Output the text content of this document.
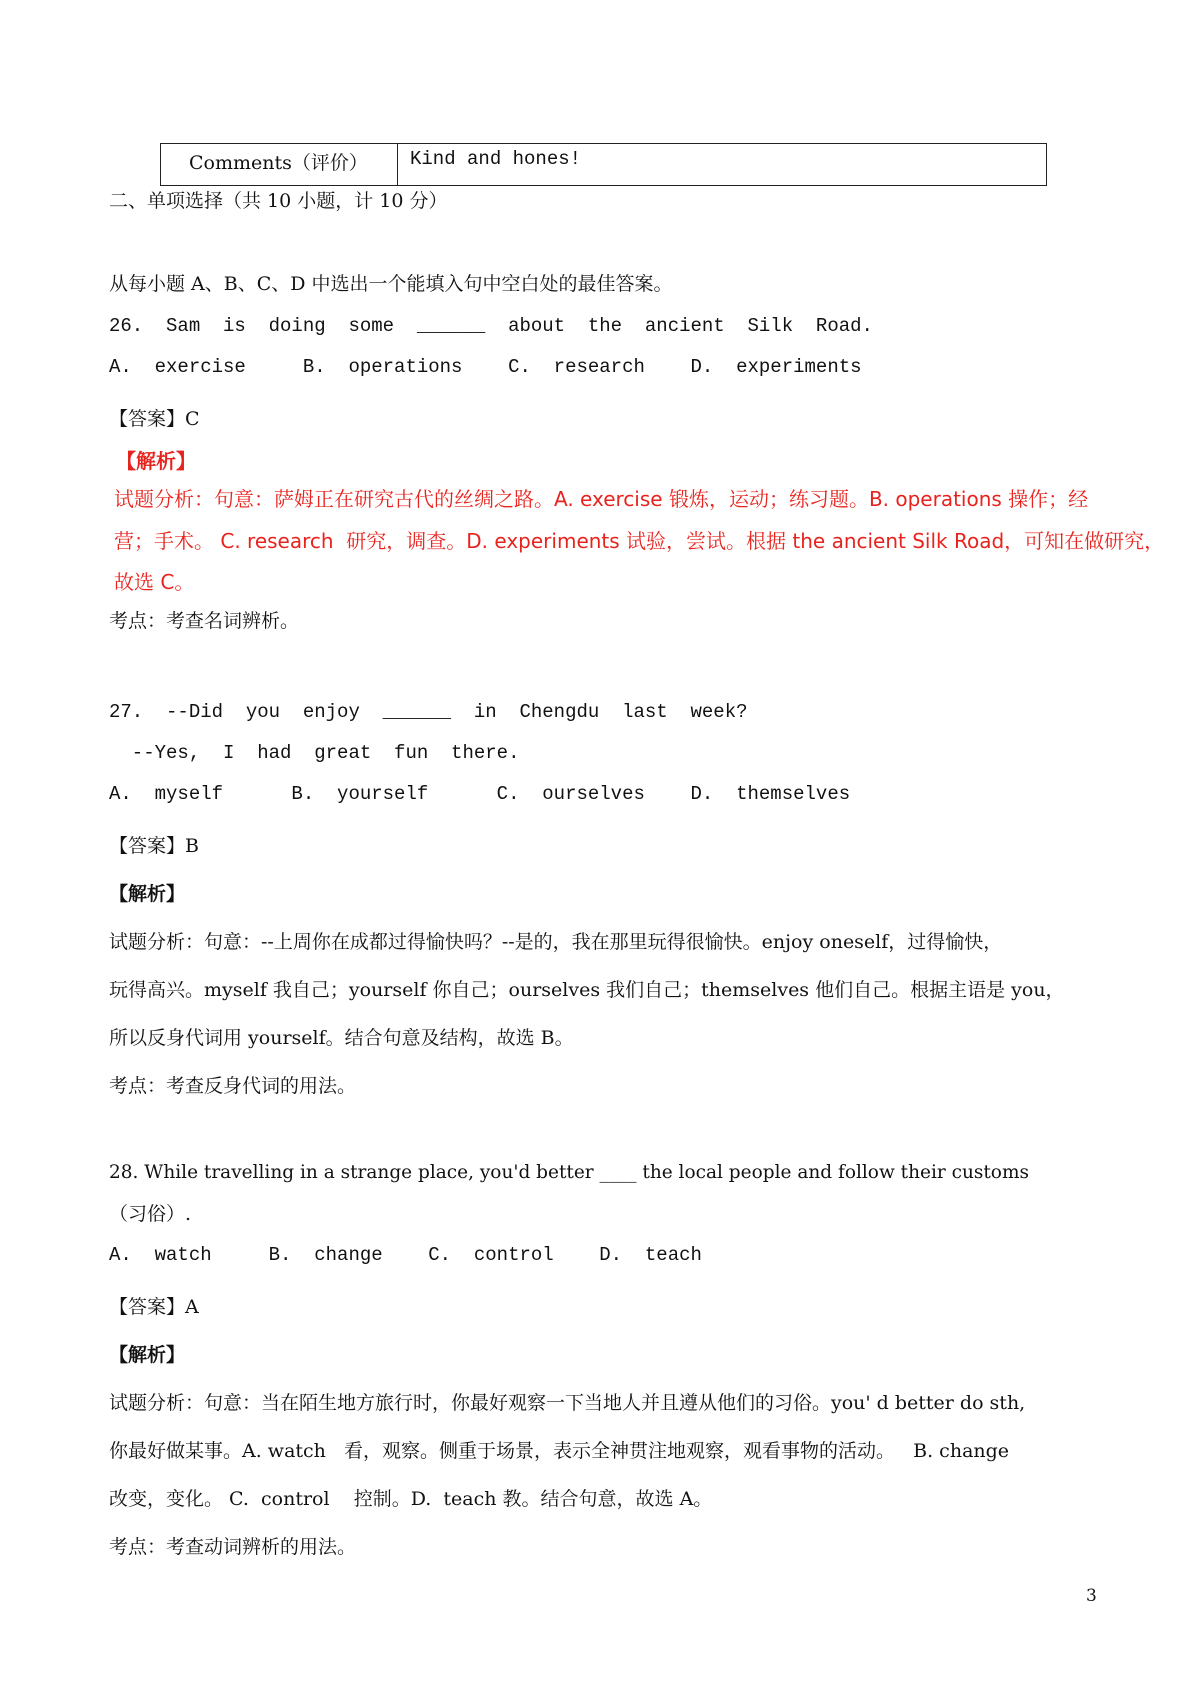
Comments（评价）	Kind and hones!

二、单项选择（共 10 小题，计 10 分）

从每小题 A、B、C、D 中选出一个能填入句中空白处的最佳答案。

26.  Sam  is  doing  some  ______  about  the  ancient  Silk  Road.

A.  exercise     B.  operations    C.  research    D.  experiments

【答案】C

【解析】

试题分析：句意：萨姆正在研究古代的丝绸之路。A. exercise 锻炼，运动；练习题。B. operations 操作；经

营；手术。 C. research  研究，调查。D. experiments 试验，尝试。根据 the ancient Silk Road，可知在做研究，

故选 C。

考点：考查名词辨析。

27.  --Did  you  enjoy  ______  in  Chengdu  last  week?

--Yes,  I  had  great  fun  there.

A.  myself      B.  yourself      C.  ourselves    D.  themselves

【答案】B

【解析】

试题分析：句意：--上周你在成都过得愉快吗？--是的，我在那里玩得很愉快。enjoy oneself，过得愉快，

玩得高兴。myself 我自己；yourself 你自己；ourselves 我们自己；themselves 他们自己。根据主语是 you，

所以反身代词用 yourself。结合句意及结构，故选 B。

考点：考查反身代词的用法。

28. While travelling in a strange place, you'd better ____ the local people and follow their customs

（习俗）.

A.  watch     B.  change    C.  control    D.  teach

【答案】A

【解析】

试题分析：句意：当在陌生地方旅行时，你最好观察一下当地人并且遵从他们的习俗。you' d better do sth,

你最好做某事。A. watch   看，观察。侧重于场景，表示全神贯注地观察，观看事物的活动。   B. change

改变，变化。 C.  control    控制。D.  teach 教。结合句意，故选 A。

考点：考查动词辨析的用法。

3
